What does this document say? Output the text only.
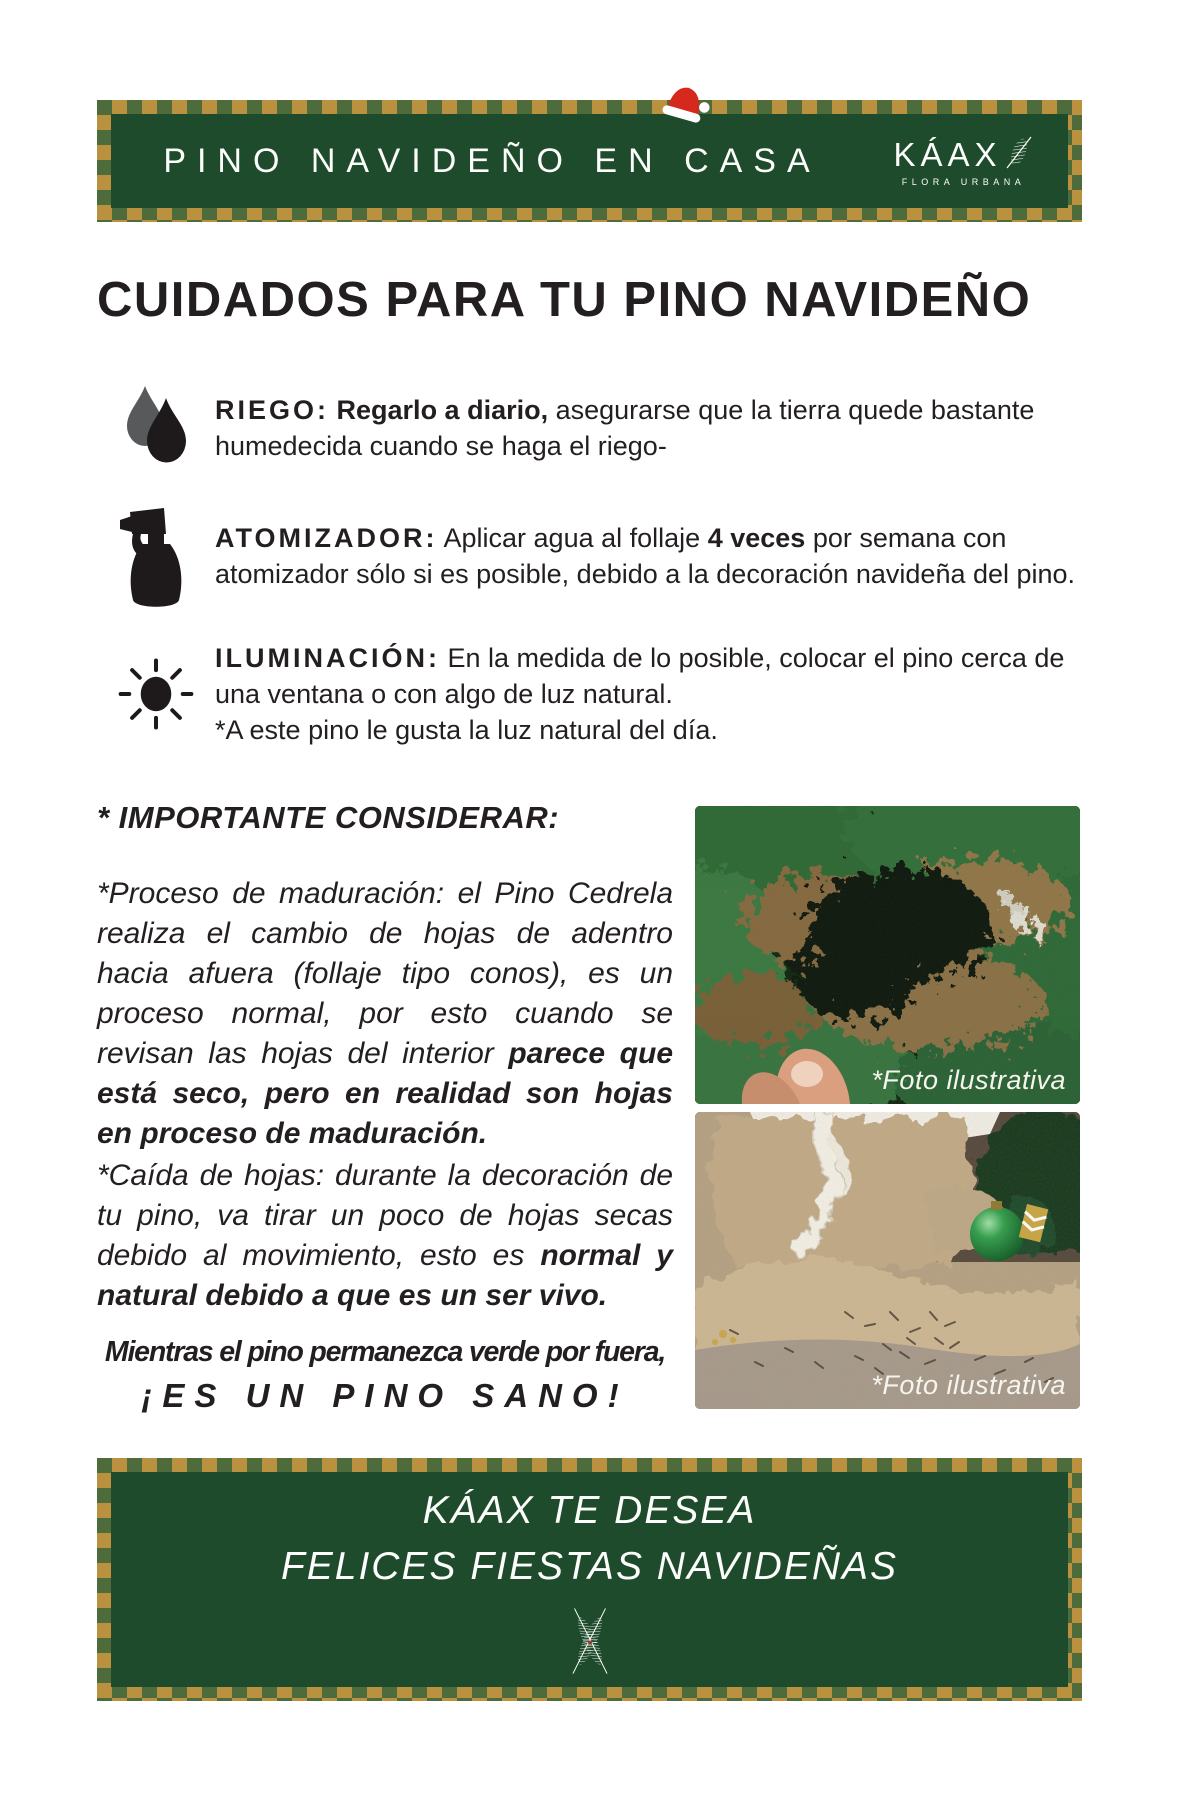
PINO NAVIDEÑO EN CASA	KÁAX
FLORA URBANA
CUIDADOS PARA TU PINO NAVIDEÑO
RIEGO: Regarlo a diario, asegurarse que la tierra quede bastante humedecida cuando se haga el riego-
ATOMIZADOR: Aplicar agua al follaje 4 veces por semana con atomizador sólo si es posible, debido a la decoración navideña del pino.
ILUMINACIÓN: En la medida de lo posible, colocar el pino cerca de una ventana o con algo de luz natural.
*A este pino le gusta la luz natural del día.
* IMPORTANTE CONSIDERAR:
*Proceso de maduración: el Pino Cedrela realiza el cambio de hojas de adentro hacia afuera (follaje tipo conos), es un proceso normal, por esto cuando se revisan las hojas del interior parece que está seco, pero en realidad son hojas en proceso de maduración.
*Caída de hojas: durante la decoración de tu pino, va tirar un poco de hojas secas debido al movimiento, esto es normal y natural debido a que es un ser vivo.
Mientras el pino permanezca verde por fuera,
¡ES UN PINO SANO!
*Foto ilustrativa
*Foto ilustrativa
KÁAX TE DESEA
FELICES FIESTAS NAVIDEÑAS
